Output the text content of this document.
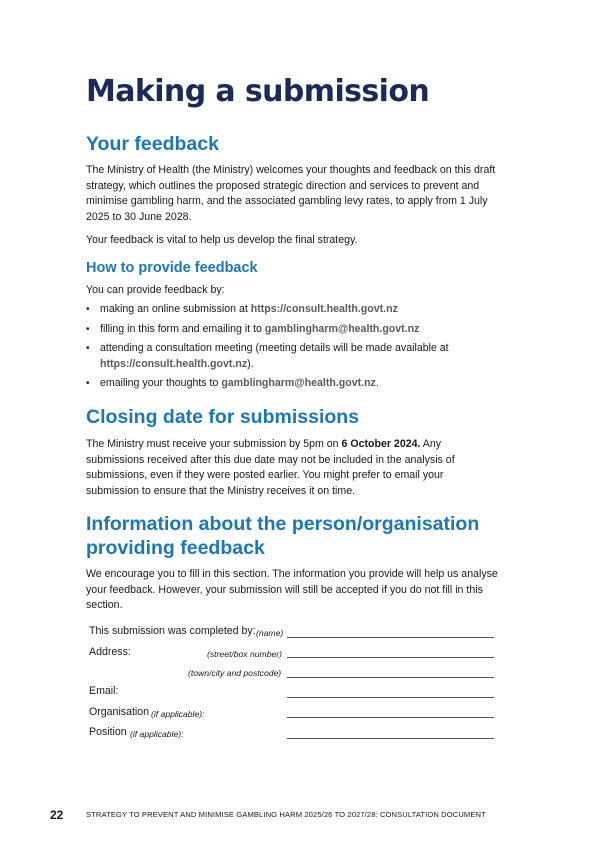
Making a submission
Your feedback

The Ministry of Health (the Ministry) welcomes your thoughts and feedback on this draft strategy, which outlines the proposed strategic direction and services to prevent and minimise gambling harm, and the associated gambling levy rates, to apply from 1 July 2025 to 30 June 2028.

Your feedback is vital to help us develop the final strategy.

How to provide feedback

You can provide feedback by:

• making an online submission at https://consult.health.govt.nz
• filling in this form and emailing it to gamblingharm@health.govt.nz
• attending a consultation meeting (meeting details will be made available at https://consult.health.govt.nz).
• emailing your thoughts to gamblingharm@health.govt.nz.
Closing date for submissions

The Ministry must receive your submission by 5pm on 6 October 2024. Any submissions received after this due date may not be included in the analysis of submissions, even if they were posted earlier. You might prefer to email your submission to ensure that the Ministry receives it on time.

Information about the person/organisation
providing feedback

We encourage you to fill in this section. The information you provide will help us analyse your feedback. However, your submission will still be accepted if you do not fill in this section.

This submission was completed by: (name)
Address:	(street/box number)
(town/city and postcode)
Email:
Organisation (if applicable):
Position (if applicable):
22	STRATEGY TO PREVENT AND MINIMISE GAMBLING HARM 2025/26 TO 2027/28: CONSULTATION DOCUMENT
